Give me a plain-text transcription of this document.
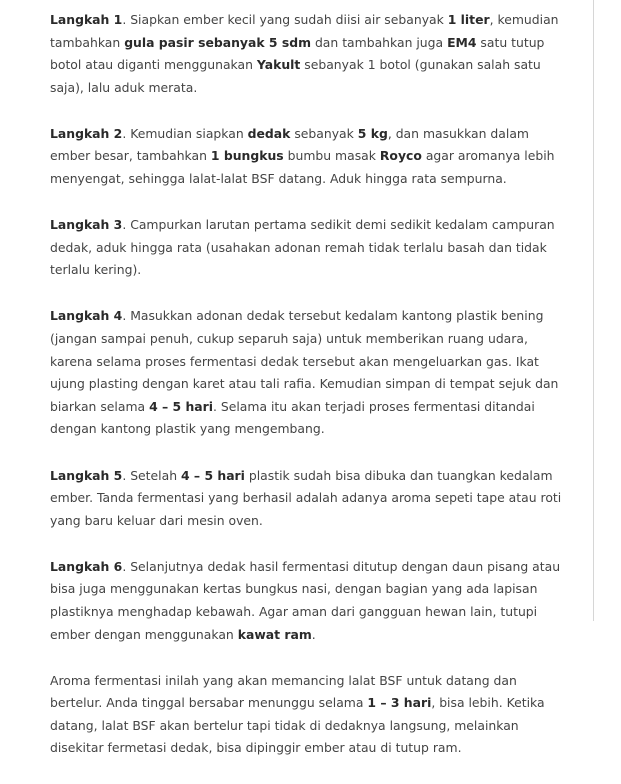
Langkah 1. Siapkan ember kecil yang sudah diisi air sebanyak 1 liter, kemudian tambahkan gula pasir sebanyak 5 sdm dan tambahkan juga EM4 satu tutup botol atau diganti menggunakan Yakult sebanyak 1 botol (gunakan salah satu saja), lalu aduk merata.

Langkah 2. Kemudian siapkan dedak sebanyak 5 kg, dan masukkan dalam ember besar, tambahkan 1 bungkus bumbu masak Royco agar aromanya lebih menyengat, sehingga lalat-lalat BSF datang. Aduk hingga rata sempurna.

Langkah 3. Campurkan larutan pertama sedikit demi sedikit kedalam campuran dedak, aduk hingga rata (usahakan adonan remah tidak terlalu basah dan tidak terlalu kering).

Langkah 4. Masukkan adonan dedak tersebut kedalam kantong plastik bening (jangan sampai penuh, cukup separuh saja) untuk memberikan ruang udara, karena selama proses fermentasi dedak tersebut akan mengeluarkan gas. Ikat ujung plasting dengan karet atau tali rafia. Kemudian simpan di tempat sejuk dan biarkan selama 4 – 5 hari. Selama itu akan terjadi proses fermentasi ditandai dengan kantong plastik yang mengembang.

Langkah 5. Setelah 4 – 5 hari plastik sudah bisa dibuka dan tuangkan kedalam ember. Tanda fermentasi yang berhasil adalah adanya aroma sepeti tape atau roti yang baru keluar dari mesin oven.

Langkah 6. Selanjutnya dedak hasil fermentasi ditutup dengan daun pisang atau bisa juga menggunakan kertas bungkus nasi, dengan bagian yang ada lapisan plastiknya menghadap kebawah. Agar aman dari gangguan hewan lain, tutupi ember dengan menggunakan kawat ram.

Aroma fermentasi inilah yang akan memancing lalat BSF untuk datang dan bertelur. Anda tinggal bersabar menunggu selama 1 – 3 hari, bisa lebih. Ketika datang, lalat BSF akan bertelur tapi tidak di dedaknya langsung, melainkan disekitar fermetasi dedak, bisa dipinggir ember atau di tutup ram.
